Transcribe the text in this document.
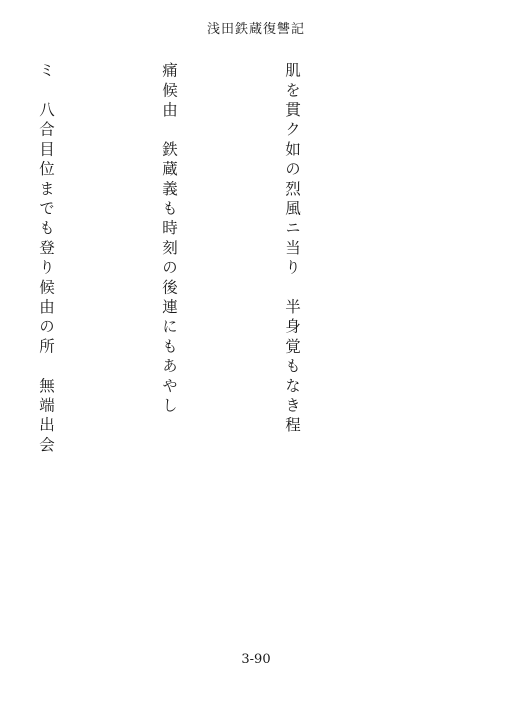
浅田鉄蔵復讐記

肌を貫ク如の烈風ニ当り　半身覚もなき程

痛候由　鉄蔵義も時刻の後連にもあやし

ミ　八合目位までも登り候由の所　無端出会

3-90
